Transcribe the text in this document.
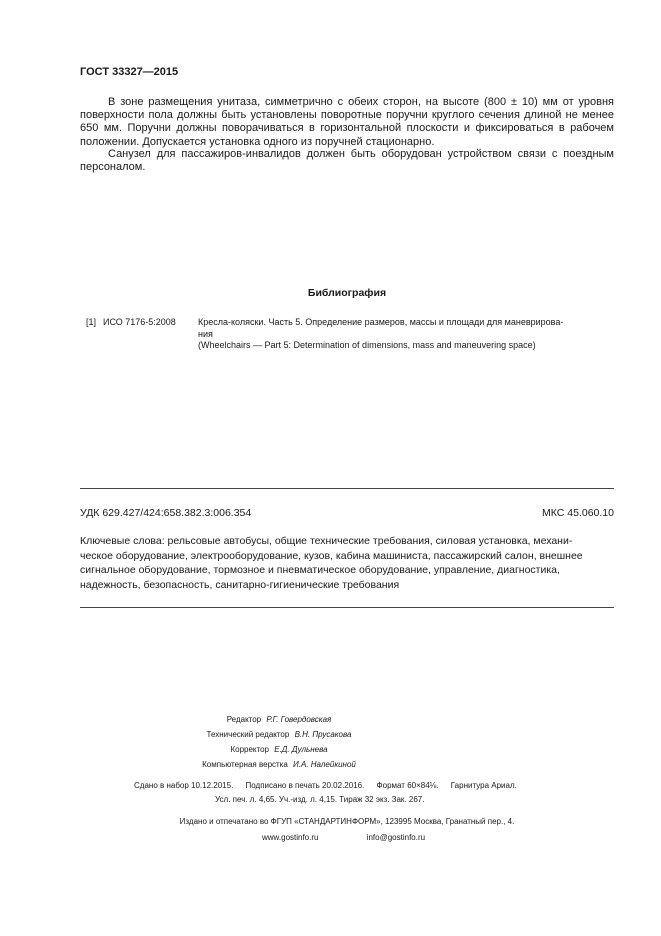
ГОСТ 33327—2015

В зоне размещения унитаза, симметрично с обеих сторон, на высоте (800 ± 10) мм от уровня поверхности пола должны быть установлены поворотные поручни круглого сечения длиной не менее 650 мм. Поручни должны поворачиваться в горизонтальной плоскости и фиксироваться в рабочем положении. Допускается установка одного из поручней стационарно.

Санузел для пассажиров-инвалидов должен быть оборудован устройством связи с поездным персоналом.

Библиография
[1] ИСО 7176-5:2008 Кресла-коляски. Часть 5. Определение размеров, массы и площади для маневрирова-
ния
(Wheelchairs — Part 5: Determination of dimensions, mass and maneuvering space)
УДК 629.427/424:658.382.3:006.354	МКС 45.060.10
Ключевые слова: рельсовые автобусы, общие технические требования, силовая установка, механи-
ческое оборудование, электрооборудование, кузов, кабина машиниста, пассажирский салон, внешнее
сигнальное оборудование, тормозное и пневматическое оборудование, управление, диагностика,
надежность, безопасность, санитарно-гигиенические требования
Редактор Р.Г. Говердовская
Технический редактор В.Н. Прусакова
Корректор Е.Д. Дульнева
Компьютерная верстка И.А. Налейкиной
Сдано в набор 10.12.2015. Подписано в печать 20.02.2016. Формат 60×84⅛. Гарнитура Ариал.
Усл. печ. л. 4,65. Уч.-изд. л. 4,15. Тираж 32 экз. Зак. 267.
Издано и отпечатано во ФГУП «СТАНДАРТИНФОРМ», 123995 Москва, Гранатный пер., 4.
www.gostinfo.ru	info@gostinfo.ru
